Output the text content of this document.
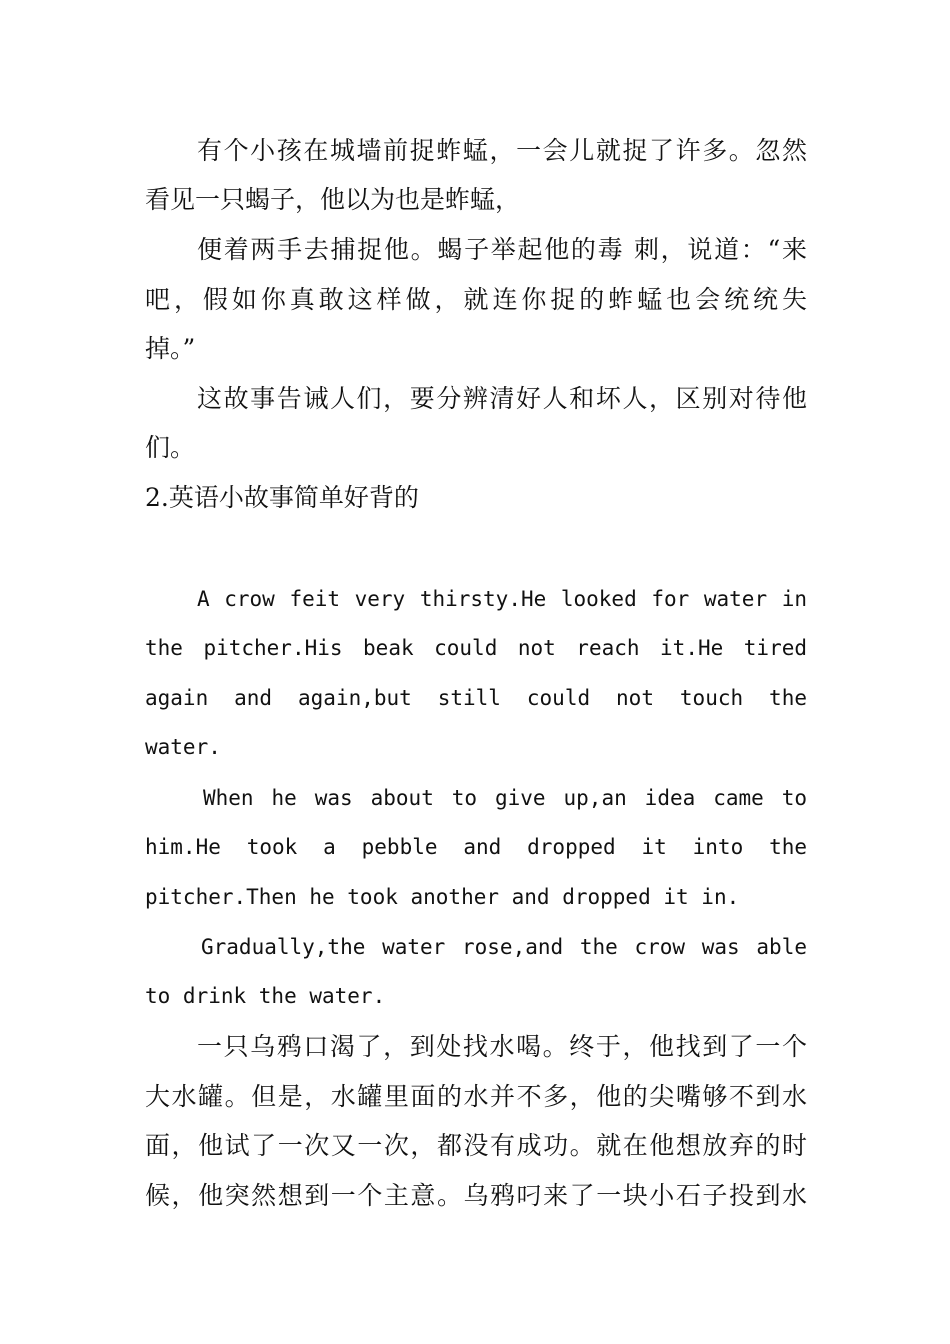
有个小孩在城墙前捉蚱蜢，一会儿就捉了许多。忽然
看见一只蝎子，他以为也是蚱蜢，
便着两手去捕捉他。蝎子举起他的毒 刺，说道：“来
吧，假如你真敢这样做，就连你捉的蚱蜢也会统统失
掉。”
这故事告诫人们，要分辨清好人和坏人，区别对待他
们。
2.英语小故事简单好背的
A crow feit very thirsty.He looked for water in
the pitcher.His beak could not reach it.He tired
again and again,but still could not touch the
water.
When he was about to give up,an idea came to
him.He took a pebble and dropped it into the
pitcher.Then he took another and dropped it in.
Gradually,the water rose,and the crow was able
to drink the water.
一只乌鸦口渴了，到处找水喝。终于，他找到了一个
大水罐。但是，水罐里面的水并不多，他的尖嘴够不到水
面，他试了一次又一次，都没有成功。就在他想放弃的时
候，他突然想到一个主意。乌鸦叼来了一块小石子投到水
